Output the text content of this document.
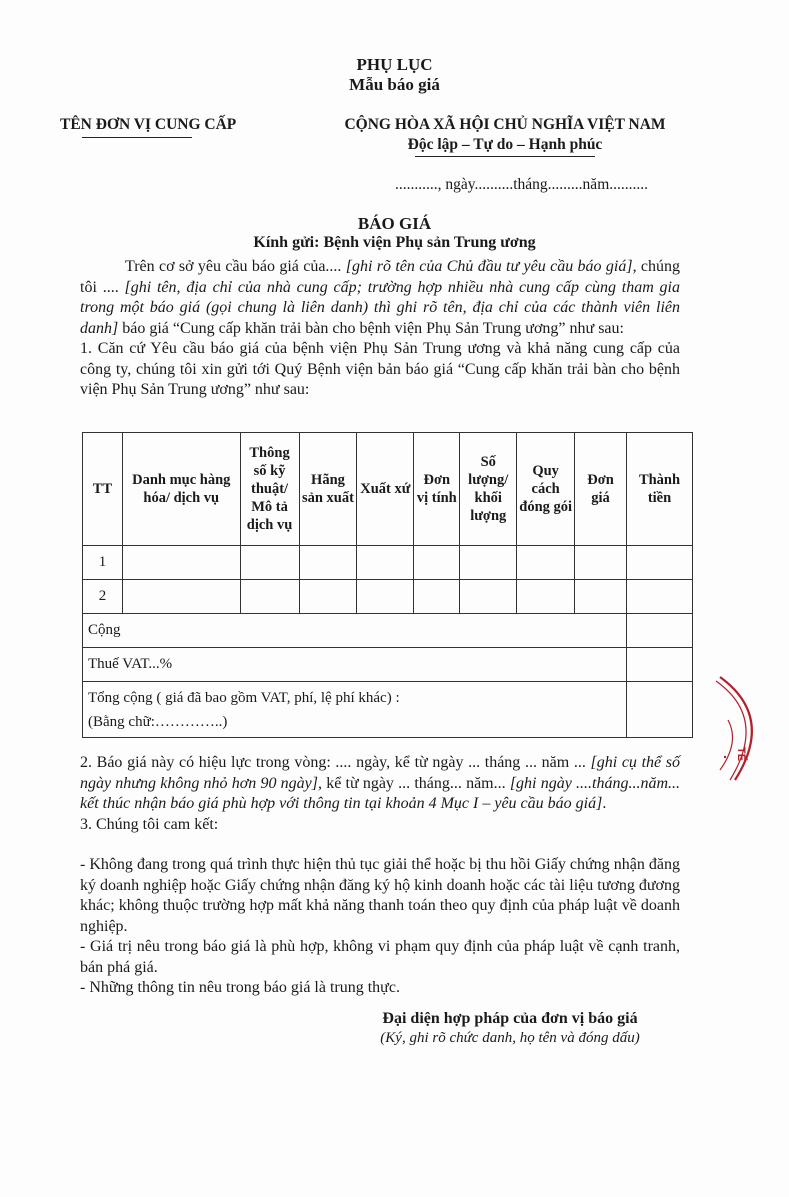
PHỤ LỤC
Mẫu báo giá
TÊN ĐƠN VỊ CUNG CẤP	CỘNG HÒA XÃ HỘI CHỦ NGHĨA VIỆT NAM
Độc lập – Tự do – Hạnh phúc
..........., ngày..........tháng.........năm..........
BÁO GIÁ
Kính gửi: Bệnh viện Phụ sản Trung ương
Trên cơ sở yêu cầu báo giá của.... [ghi rõ tên của Chủ đầu tư yêu cầu báo giá], chúng tôi .... [ghi tên, địa chỉ của nhà cung cấp; trường hợp nhiều nhà cung cấp cùng tham gia trong một báo giá (gọi chung là liên danh) thì ghi rõ tên, địa chỉ của các thành viên liên danh] báo giá “Cung cấp khăn trải bàn cho bệnh viện Phụ Sản Trung ương” như sau:
1. Căn cứ Yêu cầu báo giá của bệnh viện Phụ Sản Trung ương và khả năng cung cấp của công ty, chúng tôi xin gửi tới Quý Bệnh viện bản báo giá “Cung cấp khăn trải bàn cho bệnh viện Phụ Sản Trung ương” như sau:
TT	Danh mục hàng hóa/ dịch vụ	Thông số kỹ thuật/ Mô tả dịch vụ	Hãng sản xuất	Xuất xứ	Đơn vị tính	Số lượng/ khối lượng	Quy cách đóng gói	Đơn giá	Thành tiền
1									
2									
Cộng									
Thuế VAT...%									

Tổng cộng ( giá đã bao gồm VAT, phí, lệ phí khác) :
(Bằng chữ:…………..)									

2. Báo giá này có hiệu lực trong vòng: .... ngày, kể từ ngày ... tháng ... năm ... [ghi cụ thể số ngày nhưng không nhỏ hơn 90 ngày], kể từ ngày ... tháng... năm... [ghi ngày ....tháng...năm... kết thúc nhận báo giá phù hợp với thông tin tại khoản 4 Mục I – yêu cầu báo giá].
3. Chúng tôi cam kết:
- Không đang trong quá trình thực hiện thủ tục giải thể hoặc bị thu hồi Giấy chứng nhận đăng ký doanh nghiệp hoặc Giấy chứng nhận đăng ký hộ kinh doanh hoặc các tài liệu tương đương khác; không thuộc trường hợp mất khả năng thanh toán theo quy định của pháp luật về doanh nghiệp.
- Giá trị nêu trong báo giá là phù hợp, không vi phạm quy định của pháp luật về cạnh tranh, bán phá giá.
- Những thông tin nêu trong báo giá là trung thực.
Đại diện hợp pháp của đơn vị báo giá
(Ký, ghi rõ chức danh, họ tên và đóng dấu)
TẾ
